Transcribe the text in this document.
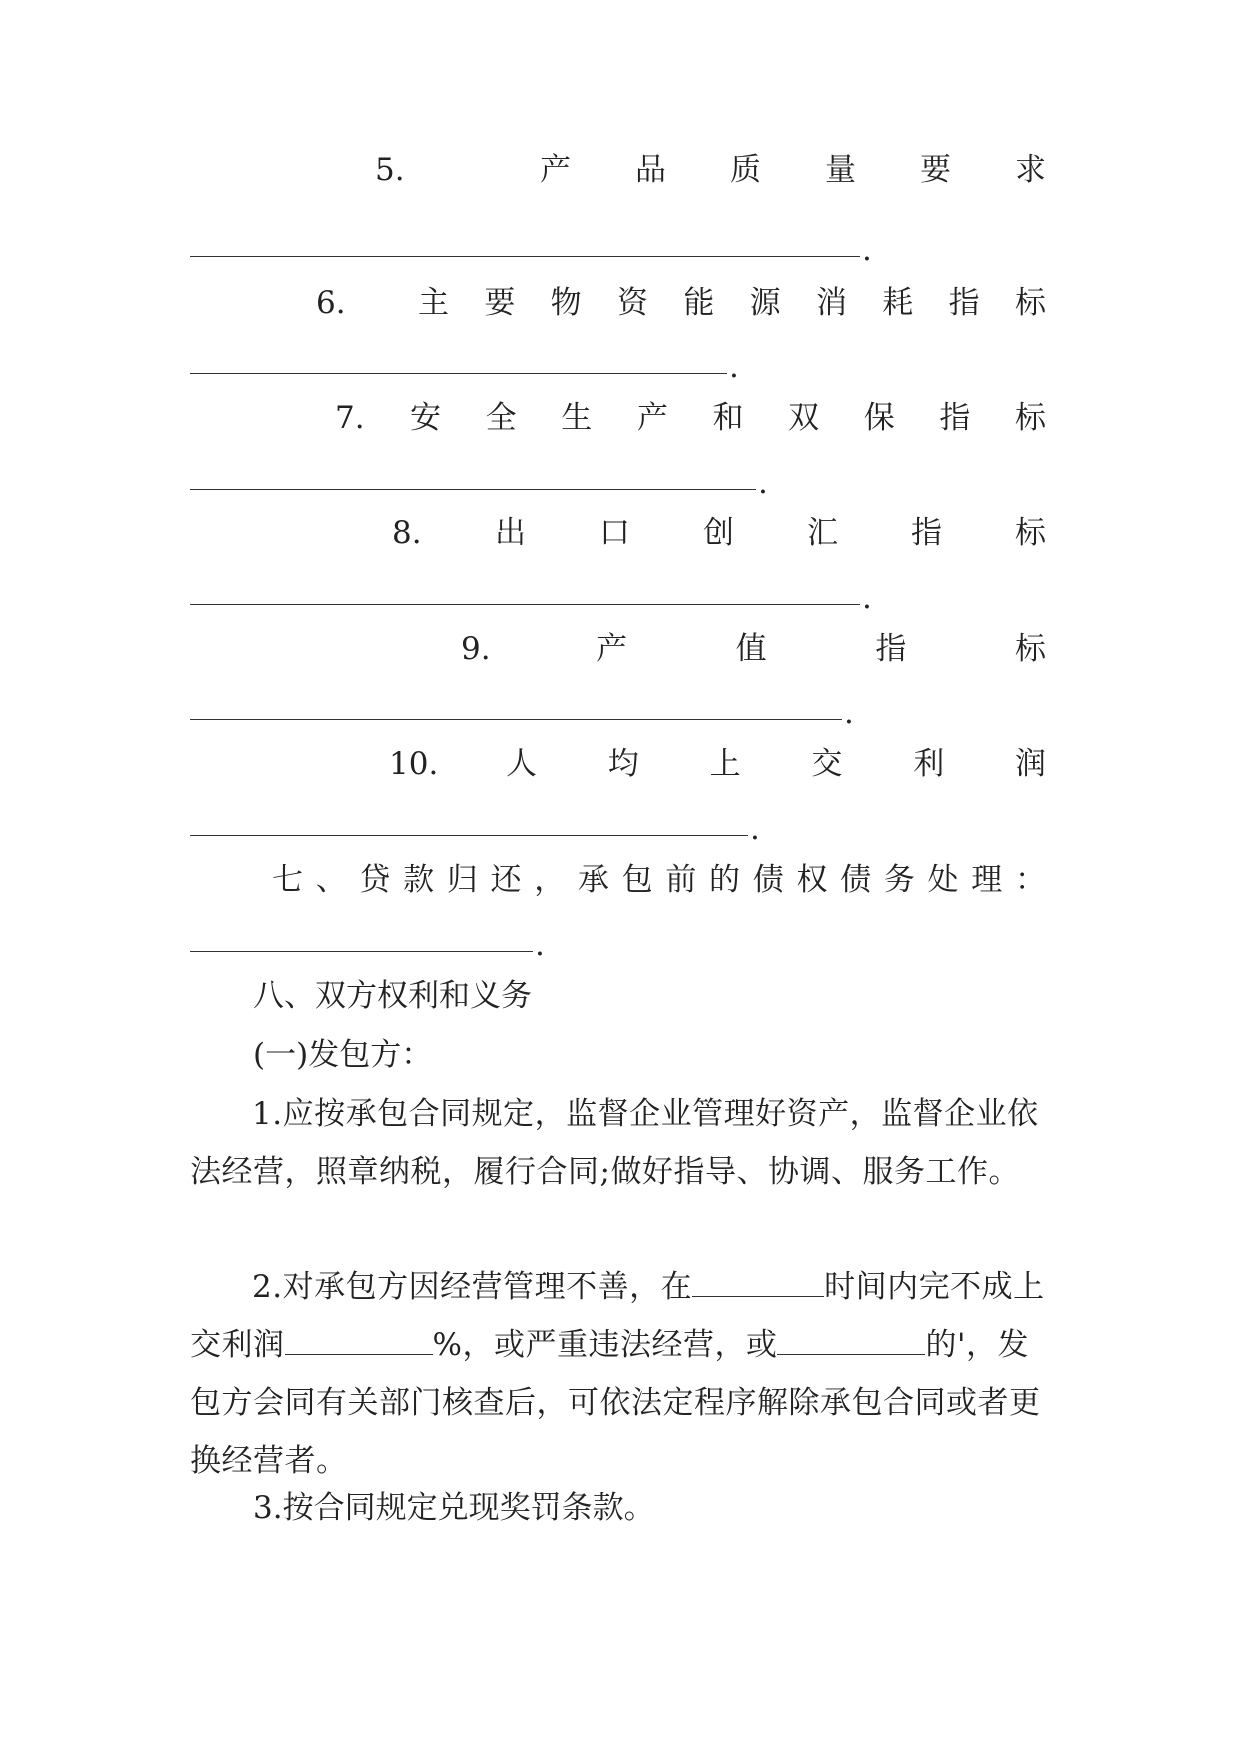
5.	产 品 质 量 要 求
.
6. 主 要 物 资 能 源 消 耗 指 标
.
7. 安 全 生 产 和 双 保 指 标
.
8. 出 口 创 汇 指 标
.
9.	产	值	指	标
.
10. 人 均 上 交 利 润
.
七 、 贷 款 归 还 ， 承 包 前 的 债 权 债 务 处 理 ：
.
八、双方权利和义务
(一)发包方：
1.应按承包合同规定，监督企业管理好资产，监督企业依法经营，照章纳税，履行合同;做好指导、协调、服务工作。
2.对承包方因经营管理不善，在	时间内完不成上交利润	%，或严重违法经营，或	的'，发包方会同有关部门核查后，可依法定程序解除承包合同或者更换经营者。
3.按合同规定兑现奖罚条款。
